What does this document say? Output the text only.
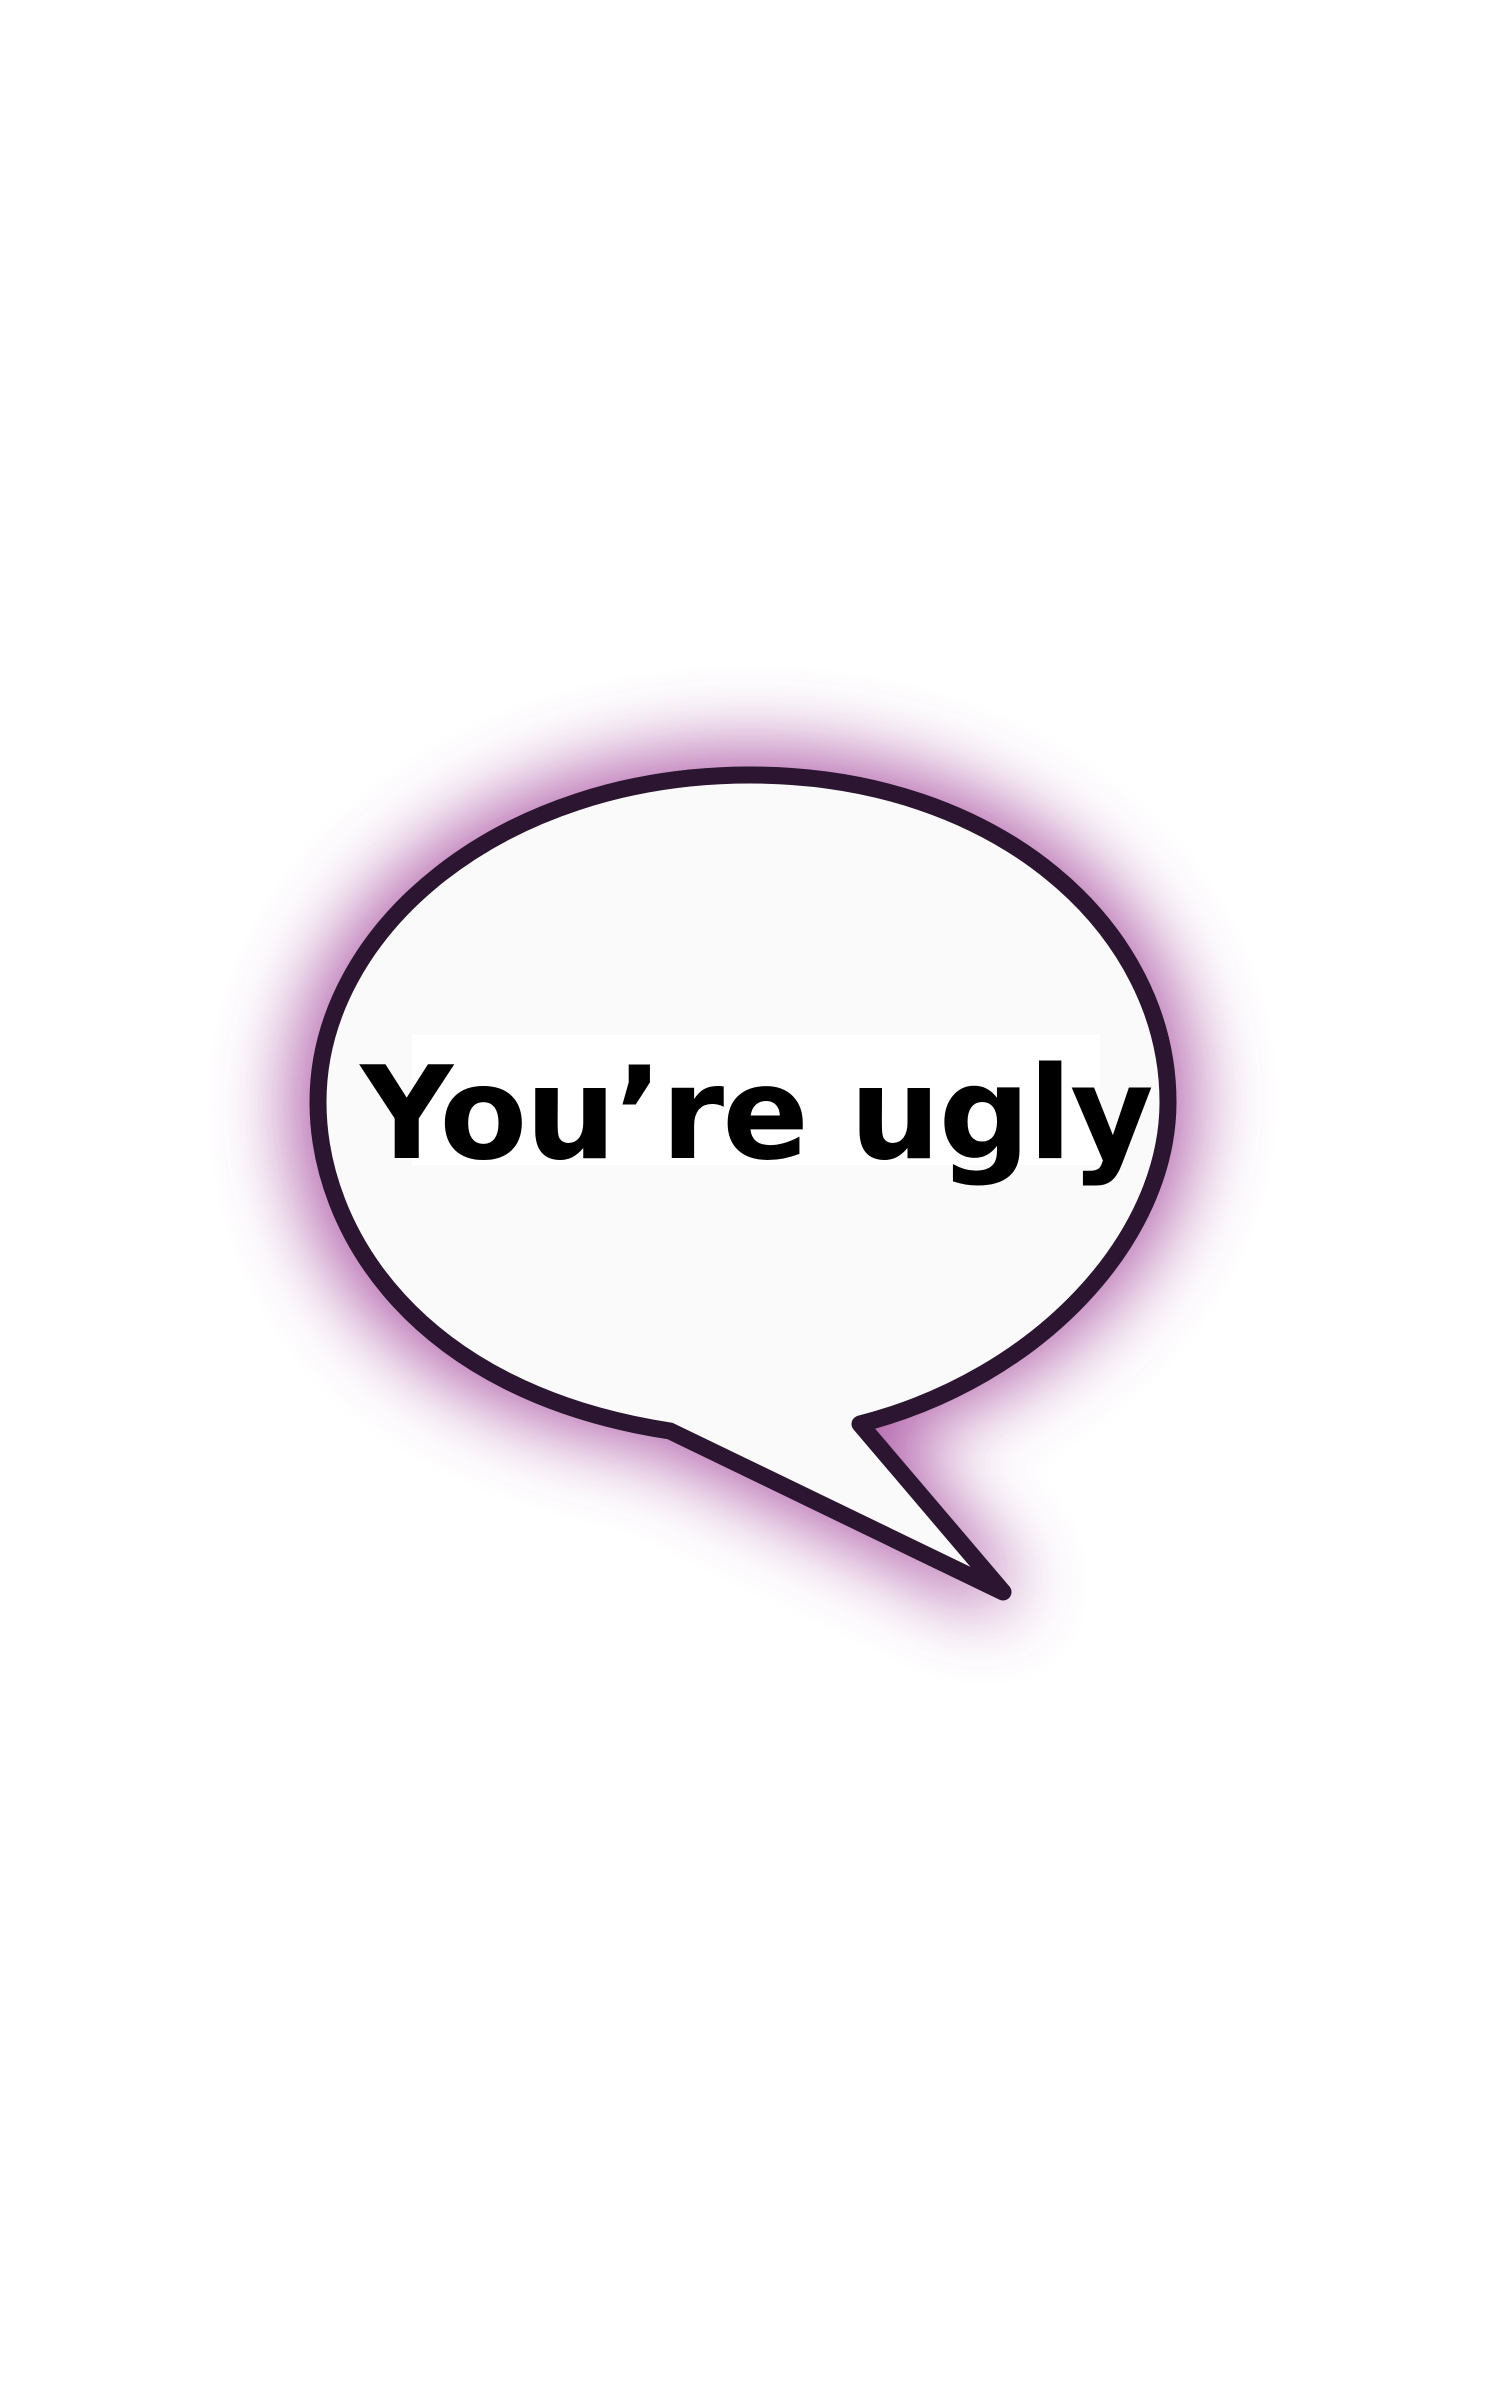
You’re ugly
